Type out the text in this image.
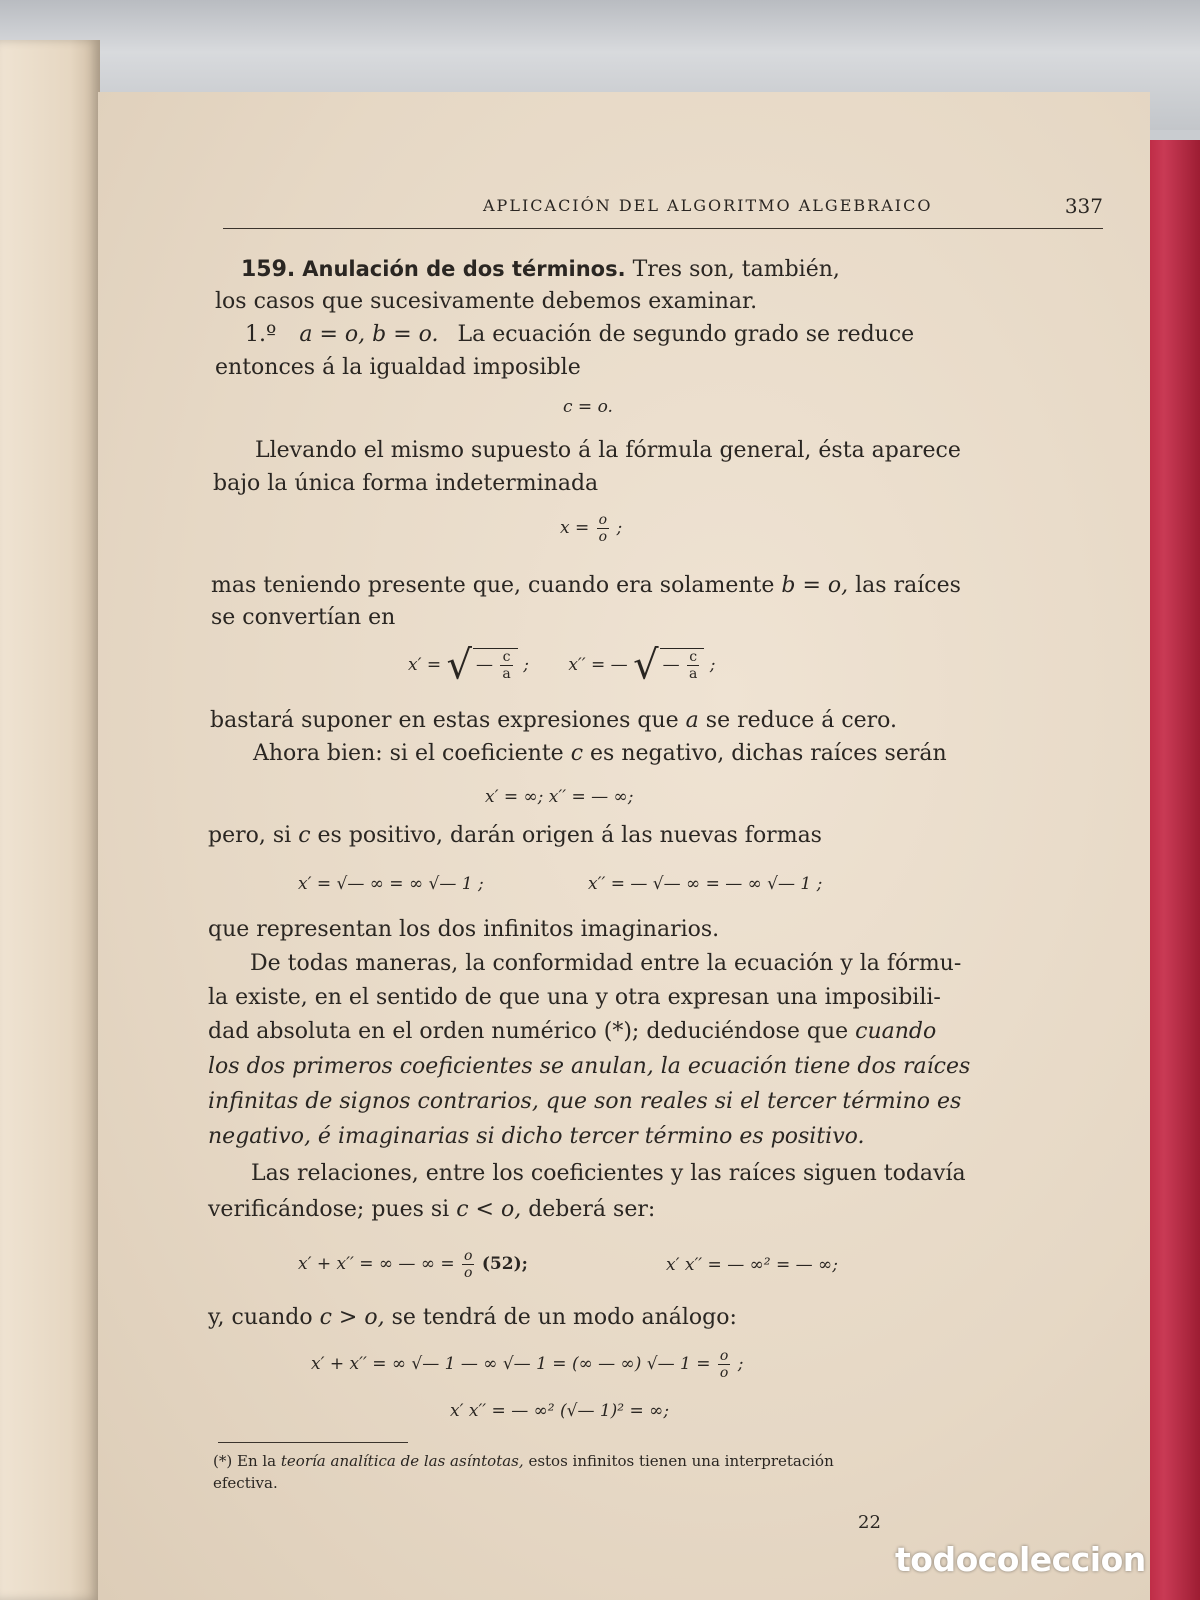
APLICACIÓN DEL ALGORITMO ALGEBRAICO	337
159. Anulación de dos términos. Tres son, también,
los casos que sucesivamente debemos examinar.
1.º a = o, b = o. La ecuación de segundo grado se reduce
entonces á la igualdad imposible
c = o.
Llevando el mismo supuesto á la fórmula general, ésta aparece
bajo la única forma indeterminada
$x = \frac{o}{o}$ ;
mas teniendo presente que, cuando era solamente b = o, las raíces
se convertían en
x′ = √ — $\frac{c}{a}$ ; x′′ = — √ — $\frac{c}{a}$ ;
bastará suponer en estas expresiones que a se reduce á cero.
Ahora bien: si el coeficiente c es negativo, dichas raíces serán
x′ = ∞; x′′ = — ∞;
pero, si c es positivo, darán origen á las nuevas formas
x′ = √— ∞ = ∞ √— 1 ;	x′′ = — √— ∞ = — ∞ √— 1 ;
que representan los dos infinitos imaginarios.
De todas maneras, la conformidad entre la ecuación y la fórmu-
la existe, en el sentido de que una y otra expresan una imposibili-
dad absoluta en el orden numérico (*); deduciéndose que cuando
los dos primeros coeficientes se anulan, la ecuación tiene dos raíces
infinitas de signos contrarios, que son reales si el tercer término es
negativo, é imaginarias si dicho tercer término es positivo.
Las relaciones, entre los coeficientes y las raíces siguen todavía
verificándose; pues si c < o, deberá ser:
x′ + x′′ = ∞ — ∞ = $\frac{o}{o} (52)$;	x′ x′′ = — ∞² = — ∞;
y, cuando c > o, se tendrá de un modo análogo:
x′ + x′′ = ∞ √— 1 — ∞ √— 1 = (∞ — ∞) √— $1 = \frac{o}{o}$ ;
x′ x′′ = — ∞² (√— 1)² = ∞;
(*) En la teoría analítica de las asíntotas, estos infinitos tienen una interpretación
efectiva.
22
todocoleccion
